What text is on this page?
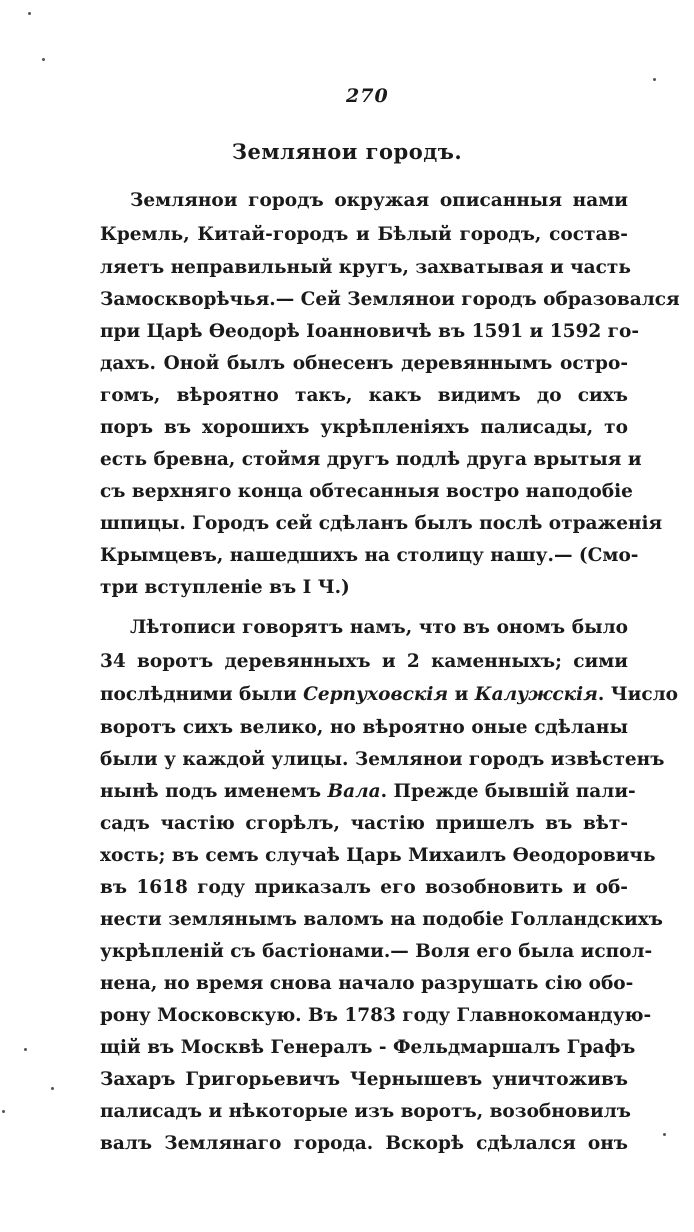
270
Землянои городъ.
Землянои городъ окружая описанныя нами
Кремль, Китай-городъ и Бѣлый городъ, состав-
ляетъ неправильный кругъ, захватывая и часть
Замоскворѣчья.— Сей Землянои городъ образовался
при Царѣ Ѳеодорѣ Іоанновичѣ въ 1591 и 1592 го-
дахъ. Оной былъ обнесенъ деревяннымъ остро-
гомъ, вѣроятно такъ, какъ видимъ до сихъ
поръ въ хорошихъ укрѣпленіяхъ палисады, то
есть бревна, стоймя другъ подлѣ друга врытыя и
съ верхняго конца обтесанныя востро наподобіе
шпицы. Городъ сей сдѣланъ былъ послѣ отраженія
Крымцевъ, нашедшихъ на столицу нашу.— (Смо-
три вступленіе въ I Ч.)
Лѣтописи говорятъ намъ, что въ ономъ было
34 воротъ деревянныхъ и 2 каменныхъ; сими
послѣдними были Серпуховскія и Калужскія. Число
воротъ сихъ велико, но вѣроятно оные сдѣланы
были у каждой улицы. Землянои городъ извѣстенъ
нынѣ подъ именемъ Вала. Прежде бывшій пали-
садъ частію сгорѣлъ, частію пришелъ въ вѣт-
хость; въ семъ случаѣ Царь Михаилъ Ѳеодоровичь
въ 1618 году приказалъ его возобновить и об-
нести землянымъ валомъ на подобіе Голландскихъ
укрѣпленій съ бастіонами.— Воля его была испол-
нена, но время снова начало разрушать сію обо-
рону Московскую. Въ 1783 году Главнокомандую-
щій въ Москвѣ Генералъ - Фельдмаршалъ Графъ
Захаръ Григорьевичъ Чернышевъ уничтоживъ
палисадъ и нѣкоторые изъ воротъ, возобновилъ
валъ Землянаго города. Вскорѣ сдѣлался онъ
